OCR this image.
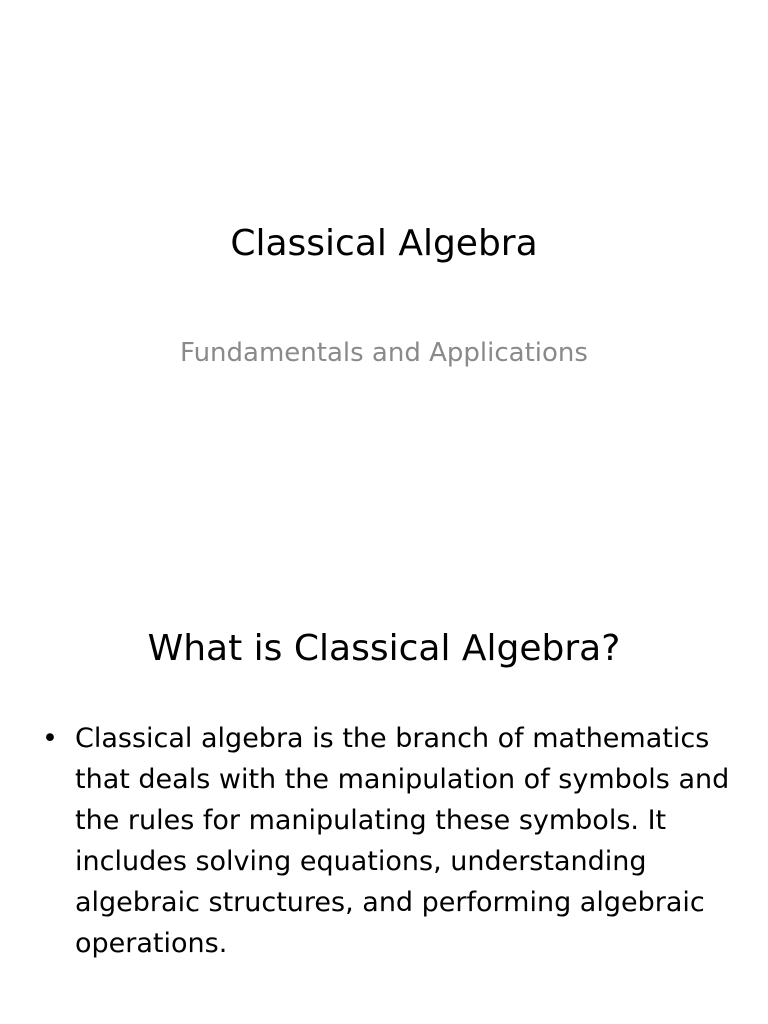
Classical Algebra
Fundamentals and Applications
What is Classical Algebra?
• Classical algebra is the branch of mathematics that deals with the manipulation of symbols and the rules for manipulating these symbols. It includes solving equations, understanding algebraic structures, and performing algebraic operations.
